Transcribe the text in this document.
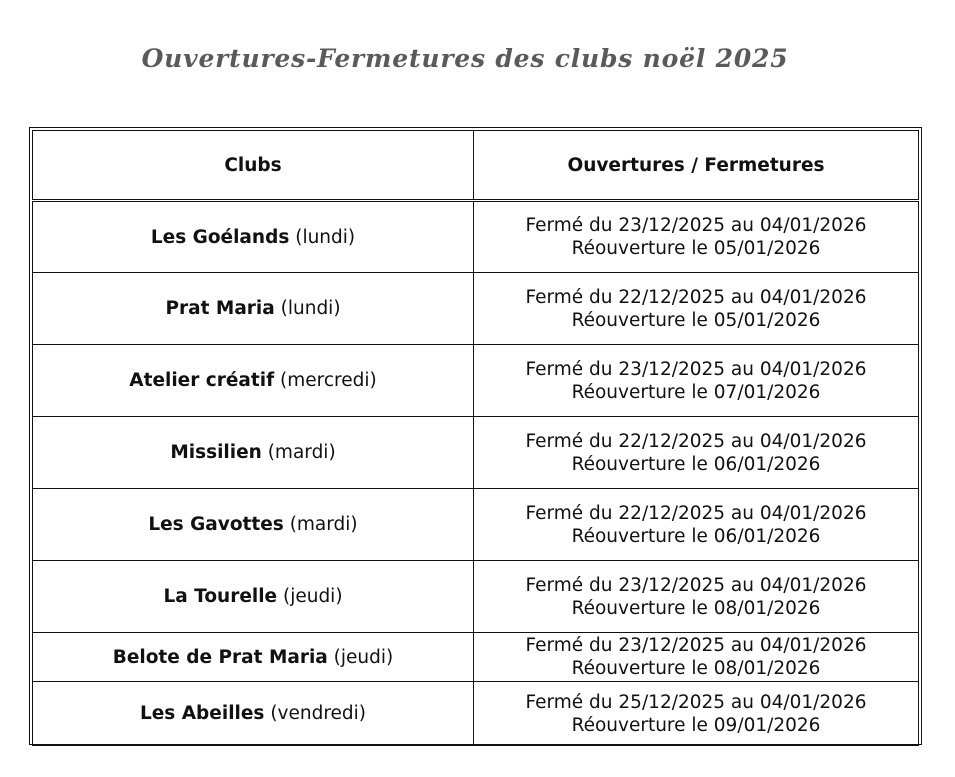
Ouvertures-Fermetures des clubs noël 2025
Clubs	Ouvertures / Fermetures
Les Goélands (lundi)	Fermé du 23/12/2025 au 04/01/2026
Réouverture le 05/01/2026

Prat Maria (lundi)	Fermé du 22/12/2025 au 04/01/2026
Réouverture le 05/01/2026

Atelier créatif (mercredi)	Fermé du 23/12/2025 au 04/01/2026
Réouverture le 07/01/2026

Missilien (mardi)	Fermé du 22/12/2025 au 04/01/2026
Réouverture le 06/01/2026

Les Gavottes (mardi)	Fermé du 22/12/2025 au 04/01/2026
Réouverture le 06/01/2026

La Tourelle (jeudi)	Fermé du 23/12/2025 au 04/01/2026
Réouverture le 08/01/2026

Belote de Prat Maria (jeudi)	Fermé du 23/12/2025 au 04/01/2026
Réouverture le 08/01/2026

Les Abeilles (vendredi)	Fermé du 25/12/2025 au 04/01/2026
Réouverture le 09/01/2026
